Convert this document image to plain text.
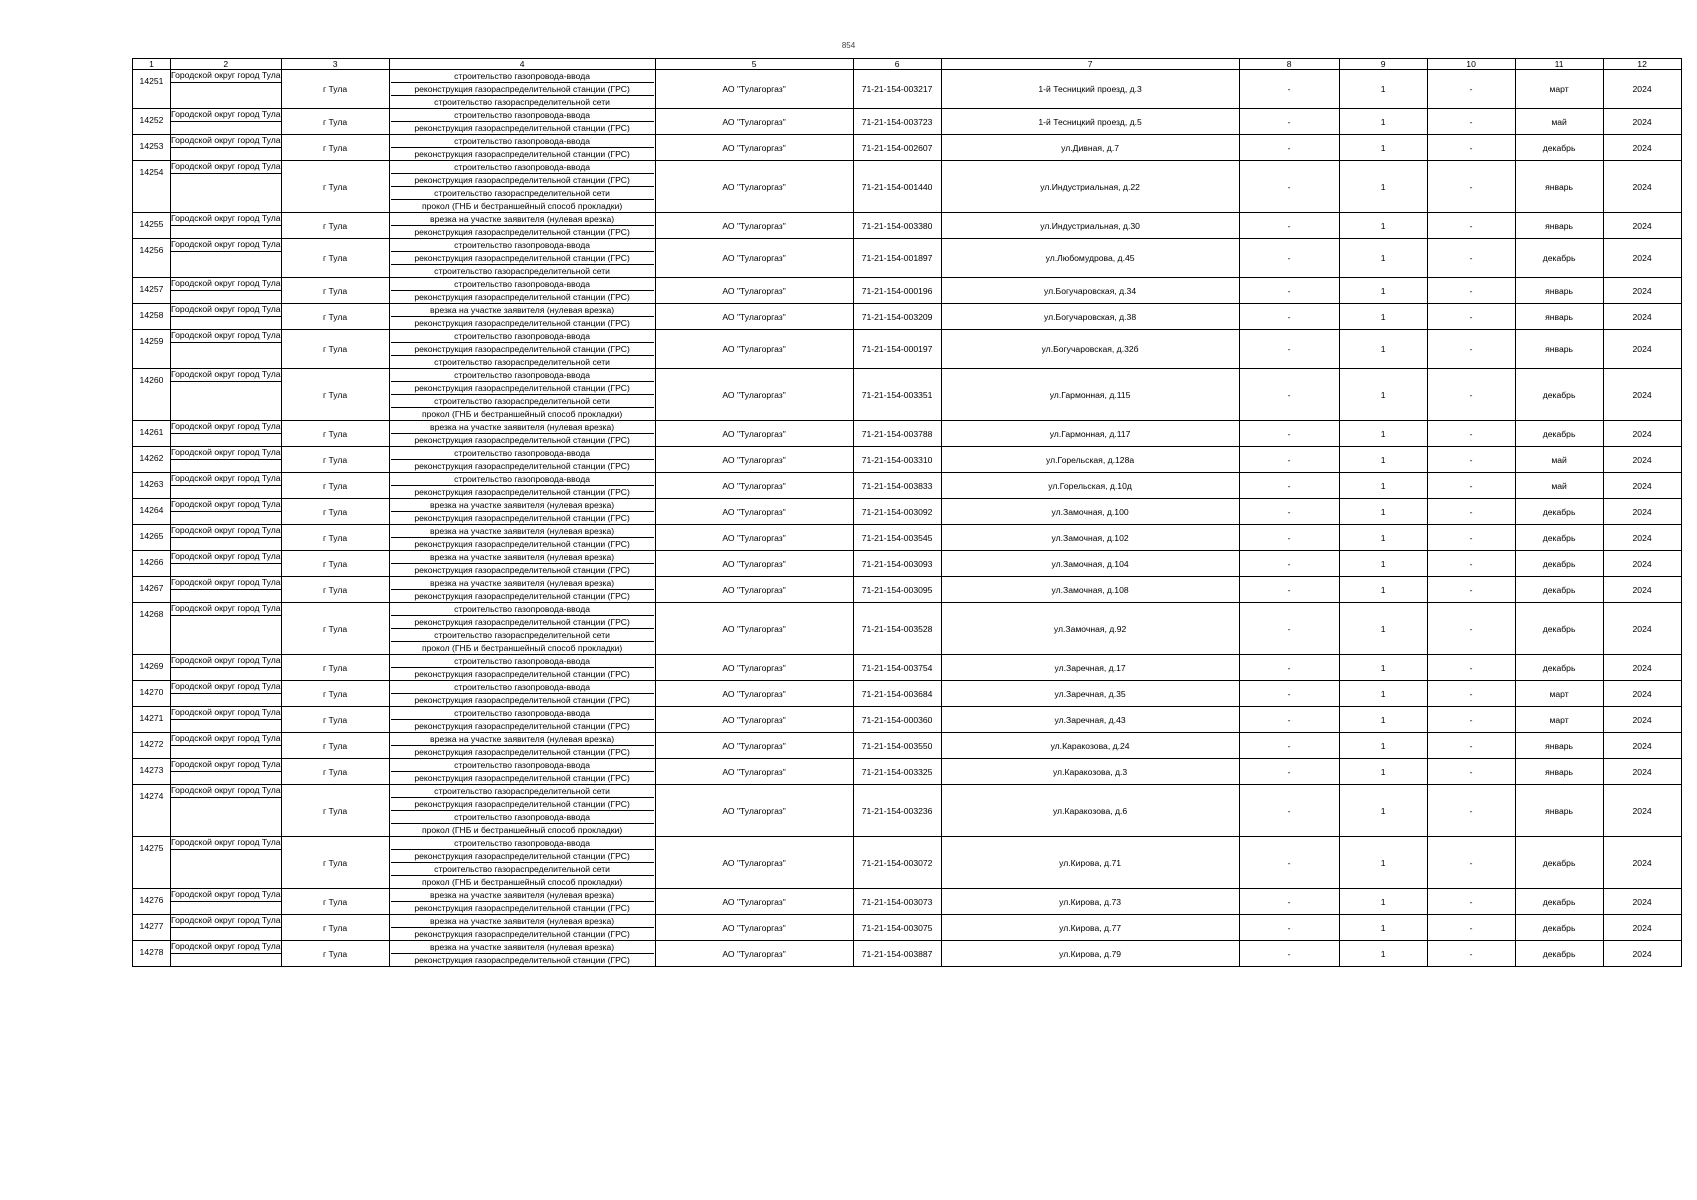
854
1	2	3	4	5	6	7	8	9	10	11	12
14251	Городской округ город Тула	г Тула	строительство газопровода-ввода
реконструкция газораспределительной станции (ГРС)
строительство газораспределительной сети	АО "Тулагоргаз"	71-21-154-003217	1-й Тесницкий проезд, д.3	-	1	-	март	2024
14252	Городской округ город Тула	г Тула	строительство газопровода-ввода
реконструкция газораспределительной станции (ГРС)	АО "Тулагоргаз"	71-21-154-003723	1-й Тесницкий проезд, д.5	-	1	-	май	2024
14253	Городской округ город Тула	г Тула	строительство газопровода-ввода
реконструкция газораспределительной станции (ГРС)	АО "Тулагоргаз"	71-21-154-002607	ул.Дивная, д.7	-	1	-	декабрь	2024
14254	Городской округ город Тула	г Тула	строительство газопровода-ввода
реконструкция газораспределительной станции (ГРС)
строительство газораспределительной сети
прокол (ГНБ и бестраншейный способ прокладки)	АО "Тулагоргаз"	71-21-154-001440	ул.Индустриальная, д.22	-	1	-	январь	2024
14255	Городской округ город Тула	г Тула	врезка на участке заявителя (нулевая врезка)
реконструкция газораспределительной станции (ГРС)	АО "Тулагоргаз"	71-21-154-003380	ул.Индустриальная, д.30	-	1	-	январь	2024
14256	Городской округ город Тула	г Тула	строительство газопровода-ввода
реконструкция газораспределительной станции (ГРС)
строительство газораспределительной сети	АО "Тулагоргаз"	71-21-154-001897	ул.Любомудрова, д.45	-	1	-	декабрь	2024
14257	Городской округ город Тула	г Тула	строительство газопровода-ввода
реконструкция газораспределительной станции (ГРС)	АО "Тулагоргаз"	71-21-154-000196	ул.Богучаровская, д.34	-	1	-	январь	2024
14258	Городской округ город Тула	г Тула	врезка на участке заявителя (нулевая врезка)
реконструкция газораспределительной станции (ГРС)	АО "Тулагоргаз"	71-21-154-003209	ул.Богучаровская, д.38	-	1	-	январь	2024
14259	Городской округ город Тула	г Тула	строительство газопровода-ввода
реконструкция газораспределительной станции (ГРС)
строительство газораспределительной сети	АО "Тулагоргаз"	71-21-154-000197	ул.Богучаровская, д.32б	-	1	-	январь	2024
14260	Городской округ город Тула	г Тула	строительство газопровода-ввода
реконструкция газораспределительной станции (ГРС)
строительство газораспределительной сети
прокол (ГНБ и бестраншейный способ прокладки)	АО "Тулагоргаз"	71-21-154-003351	ул.Гармонная, д.115	-	1	-	декабрь	2024
14261	Городской округ город Тула	г Тула	врезка на участке заявителя (нулевая врезка)
реконструкция газораспределительной станции (ГРС)	АО "Тулагоргаз"	71-21-154-003788	ул.Гармонная, д.117	-	1	-	декабрь	2024
14262	Городской округ город Тула	г Тула	строительство газопровода-ввода
реконструкция газораспределительной станции (ГРС)	АО "Тулагоргаз"	71-21-154-003310	ул.Горельская, д.128а	-	1	-	май	2024
14263	Городской округ город Тула	г Тула	строительство газопровода-ввода
реконструкция газораспределительной станции (ГРС)	АО "Тулагоргаз"	71-21-154-003833	ул.Горельская, д.10д	-	1	-	май	2024
14264	Городской округ город Тула	г Тула	врезка на участке заявителя (нулевая врезка)
реконструкция газораспределительной станции (ГРС)	АО "Тулагоргаз"	71-21-154-003092	ул.Замочная, д.100	-	1	-	декабрь	2024
14265	Городской округ город Тула	г Тула	врезка на участке заявителя (нулевая врезка)
реконструкция газораспределительной станции (ГРС)	АО "Тулагоргаз"	71-21-154-003545	ул.Замочная, д.102	-	1	-	декабрь	2024
14266	Городской округ город Тула	г Тула	врезка на участке заявителя (нулевая врезка)
реконструкция газораспределительной станции (ГРС)	АО "Тулагоргаз"	71-21-154-003093	ул.Замочная, д.104	-	1	-	декабрь	2024
14267	Городской округ город Тула	г Тула	врезка на участке заявителя (нулевая врезка)
реконструкция газораспределительной станции (ГРС)	АО "Тулагоргаз"	71-21-154-003095	ул.Замочная, д.108	-	1	-	декабрь	2024
14268	Городской округ город Тула	г Тула	строительство газопровода-ввода
реконструкция газораспределительной станции (ГРС)
строительство газораспределительной сети
прокол (ГНБ и бестраншейный способ прокладки)	АО "Тулагоргаз"	71-21-154-003528	ул.Замочная, д.92	-	1	-	декабрь	2024
14269	Городской округ город Тула	г Тула	строительство газопровода-ввода
реконструкция газораспределительной станции (ГРС)	АО "Тулагоргаз"	71-21-154-003754	ул.Заречная, д.17	-	1	-	декабрь	2024
14270	Городской округ город Тула	г Тула	строительство газопровода-ввода
реконструкция газораспределительной станции (ГРС)	АО "Тулагоргаз"	71-21-154-003684	ул.Заречная, д.35	-	1	-	март	2024
14271	Городской округ город Тула	г Тула	строительство газопровода-ввода
реконструкция газораспределительной станции (ГРС)	АО "Тулагоргаз"	71-21-154-000360	ул.Заречная, д.43	-	1	-	март	2024
14272	Городской округ город Тула	г Тула	врезка на участке заявителя (нулевая врезка)
реконструкция газораспределительной станции (ГРС)	АО "Тулагоргаз"	71-21-154-003550	ул.Каракозова, д.24	-	1	-	январь	2024
14273	Городской округ город Тула	г Тула	строительство газопровода-ввода
реконструкция газораспределительной станции (ГРС)	АО "Тулагоргаз"	71-21-154-003325	ул.Каракозова, д.3	-	1	-	январь	2024
14274	Городской округ город Тула	г Тула	строительство газораспределительной сети
реконструкция газораспределительной станции (ГРС)
строительство газопровода-ввода
прокол (ГНБ и бестраншейный способ прокладки)	АО "Тулагоргаз"	71-21-154-003236	ул.Каракозова, д.6	-	1	-	январь	2024
14275	Городской округ город Тула	г Тула	строительство газопровода-ввода
реконструкция газораспределительной станции (ГРС)
строительство газораспределительной сети
прокол (ГНБ и бестраншейный способ прокладки)	АО "Тулагоргаз"	71-21-154-003072	ул.Кирова, д.71	-	1	-	декабрь	2024
14276	Городской округ город Тула	г Тула	врезка на участке заявителя (нулевая врезка)
реконструкция газораспределительной станции (ГРС)	АО "Тулагоргаз"	71-21-154-003073	ул.Кирова, д.73	-	1	-	декабрь	2024
14277	Городской округ город Тула	г Тула	врезка на участке заявителя (нулевая врезка)
реконструкция газораспределительной станции (ГРС)	АО "Тулагоргаз"	71-21-154-003075	ул.Кирова, д.77	-	1	-	декабрь	2024
14278	Городской округ город Тула	г Тула	врезка на участке заявителя (нулевая врезка)
реконструкция газораспределительной станции (ГРС)	АО "Тулагоргаз"	71-21-154-003887	ул.Кирова, д.79	-	1	-	декабрь	2024
